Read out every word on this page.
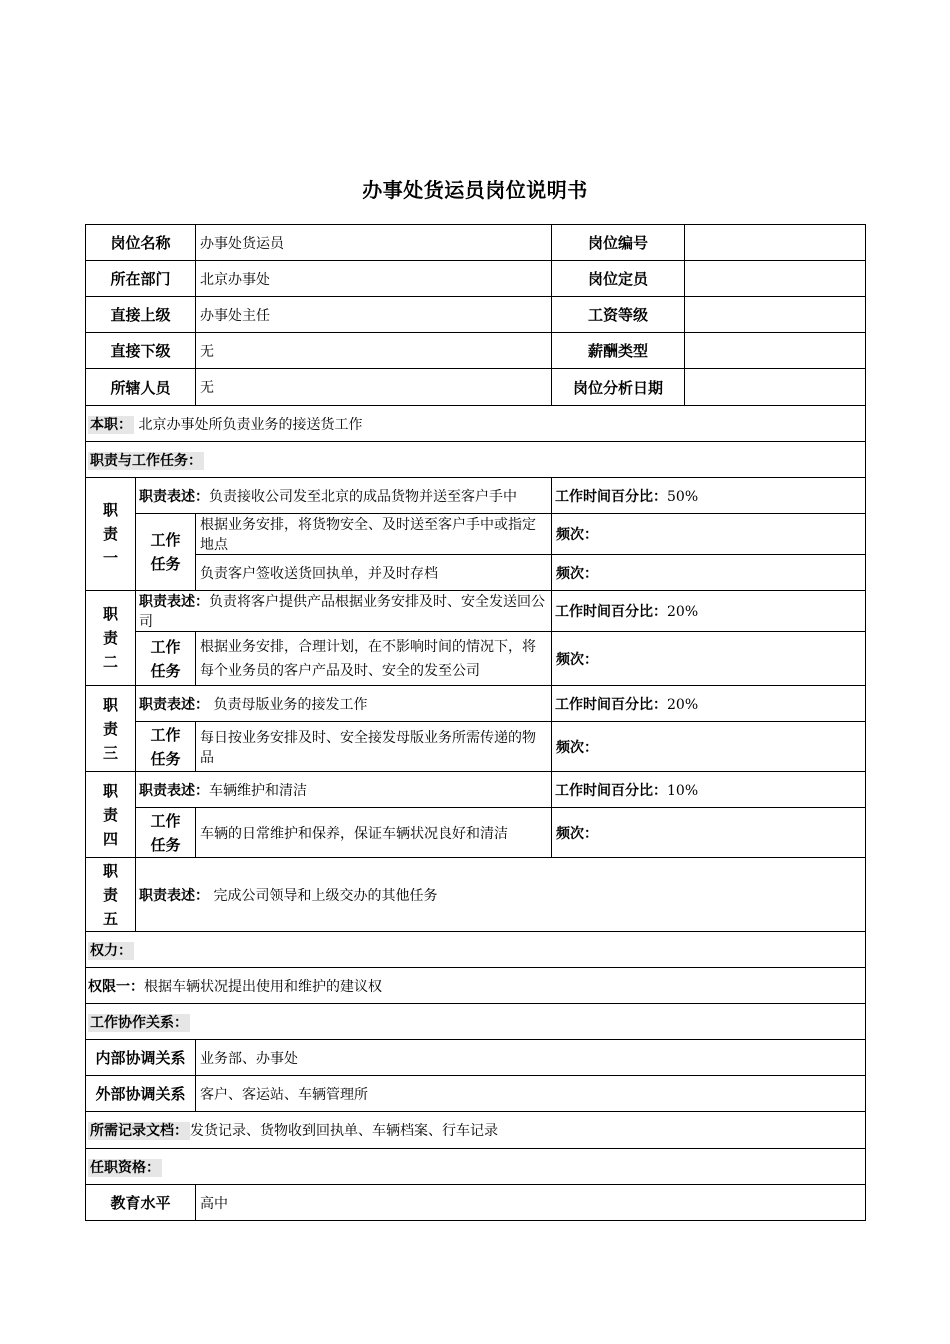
办事处货运员岗位说明书
岗位名称		办事处货运员	岗位编号	
所在部门		北京办事处	岗位定员	
直接上级		办事处主任	工资等级	
直接下级		无	薪酬类型	
所辖人员		无	岗位分析日期	
本职： 北京办事处所负责业务的接送货工作				
职责与工作任务：				
职责一	职责表述：负责接收公司发至北京的成品货物并送至客户手中		工作时间百分比：50%	
	工作任务	根据业务安排，将货物安全、及时送至客户手中或指定地点	频次：	
		负责客户签收送货回执单，并及时存档	频次：	
职责二	职责表述：负责将客户提供产品根据业务安排及时、安全发送回公司		工作时间百分比：20%	
	工作任务	根据业务安排，合理计划，在不影响时间的情况下，将每个业务员的客户产品及时、安全的发至公司	频次：	
职责三	职责表述： 负责母版业务的接发工作		工作时间百分比：20%	
	工作任务	每日按业务安排及时、安全接发母版业务所需传递的物品	频次：	
职责四	职责表述：车辆维护和清洁		工作时间百分比：10%	
	工作任务	车辆的日常维护和保养，保证车辆状况良好和清洁	频次：	
职责五	职责表述： 完成公司领导和上级交办的其他任务			
权力：				
权限一：根据车辆状况提出使用和维护的建议权				
工作协作关系：				
内部协调关系		业务部、办事处		
外部协调关系		客户、客运站、车辆管理所		
所需记录文档： 发货记录、货物收到回执单、车辆档案、行车记录				
任职资格：				
教育水平		高中		
